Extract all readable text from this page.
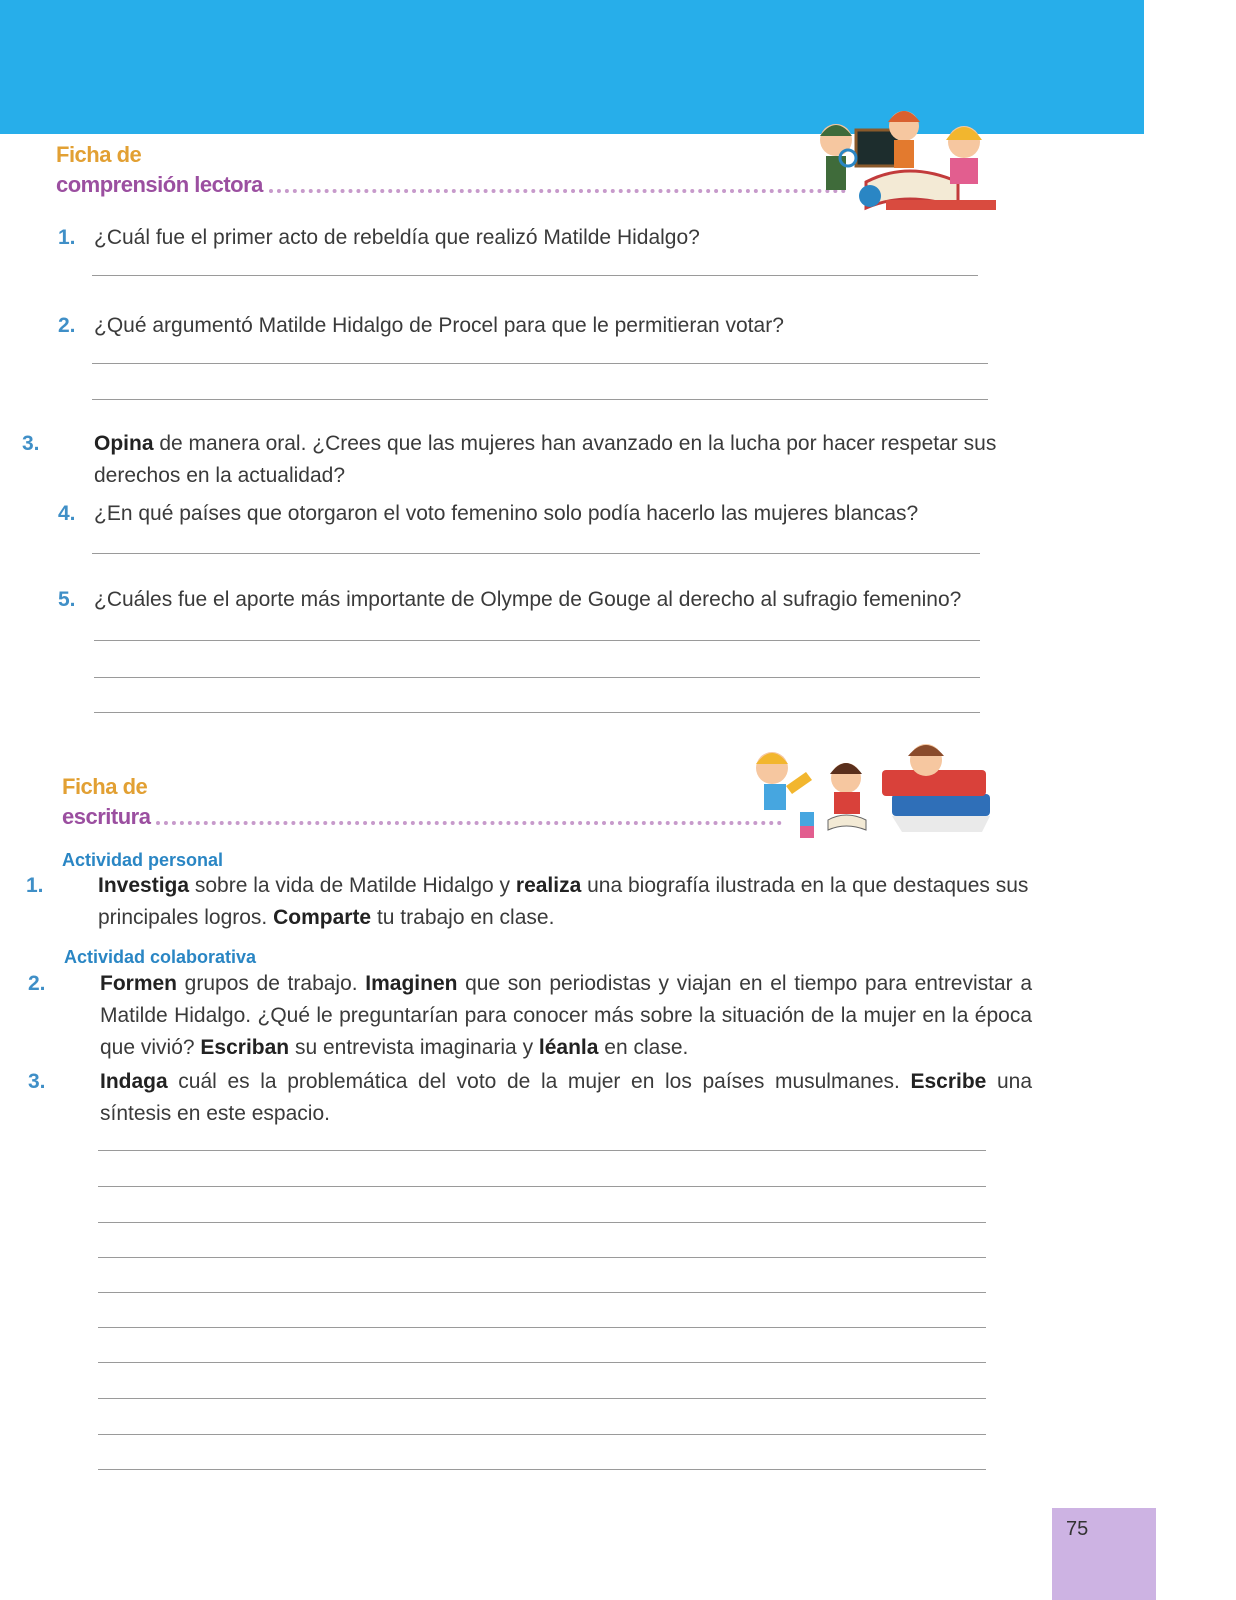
Ficha de
comprensión lectora
1. ¿Cuál fue el primer acto de rebeldía que realizó Matilde Hidalgo?
2. ¿Qué argumentó Matilde Hidalgo de Procel para que le permitieran votar?
3.	Opina de manera oral. ¿Crees que las mujeres han avanzado en la lucha por hacer respetar sus derechos en la actualidad?
4. ¿En qué países que otorgaron el voto femenino solo podía hacerlo las mujeres blancas?
5. ¿Cuáles fue el aporte más importante de Olympe de Gouge al derecho al sufragio femenino?
Ficha de
escritura
Actividad personal
1.	Investiga sobre la vida de Matilde Hidalgo y realiza una biografía ilustrada en la que destaques sus principales logros. Comparte tu trabajo en clase.
Actividad colaborativa
2.	Formen grupos de trabajo. Imaginen que son periodistas y viajan en el tiempo para entrevistar a Matilde Hidalgo. ¿Qué le preguntarían para conocer más sobre la situación de la mujer en la época que vivió? Escriban su entrevista imaginaria y léanla en clase.
3.	Indaga cuál es la problemática del voto de la mujer en los países musulmanes. Escribe una síntesis en este espacio.
75
